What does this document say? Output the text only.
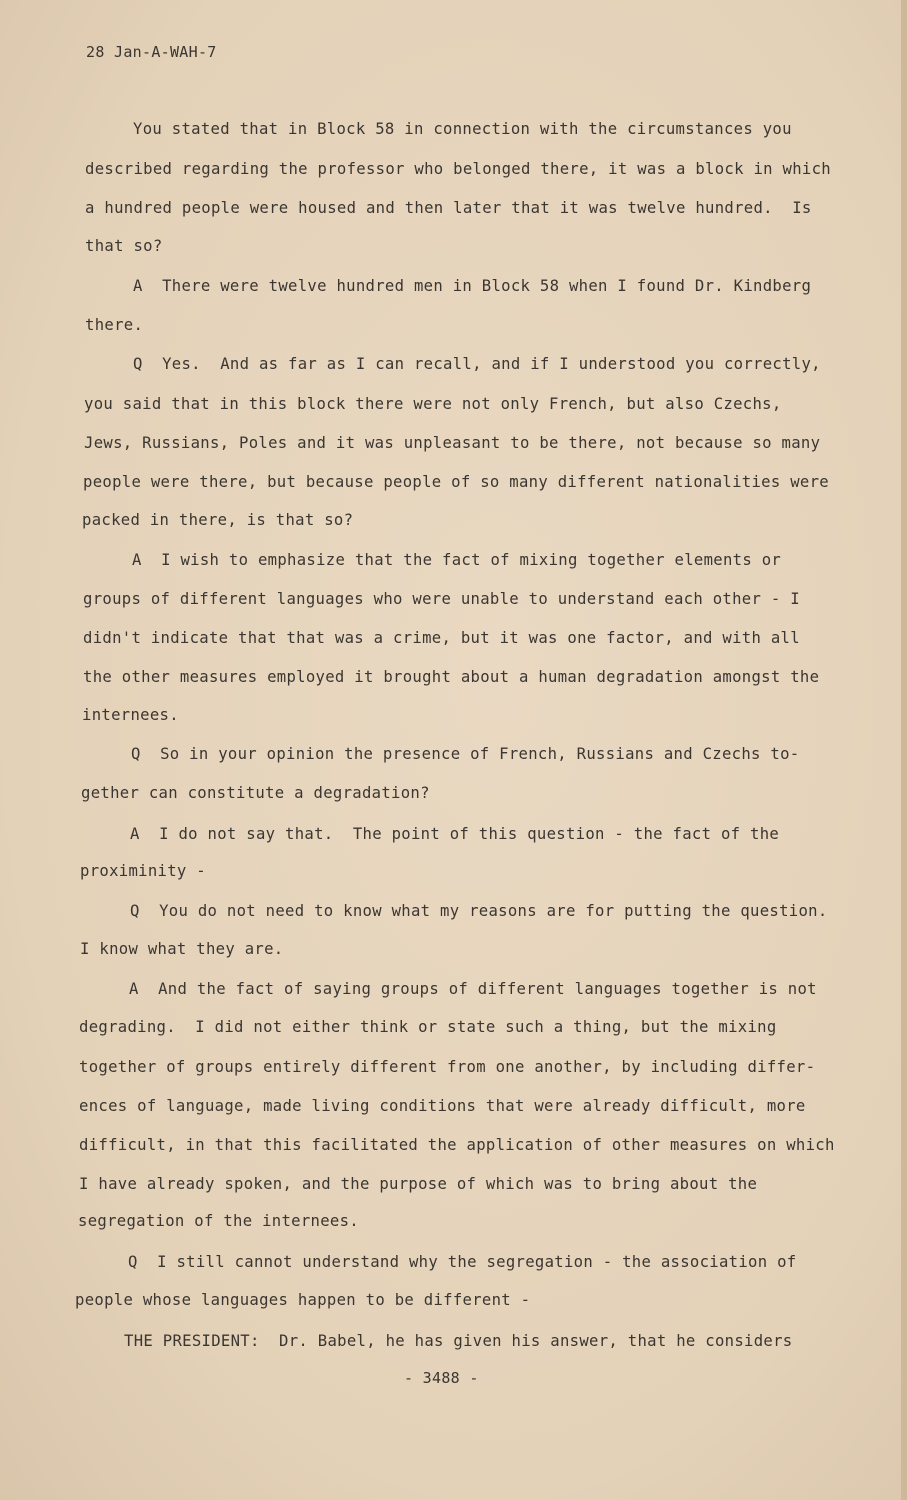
28 Jan-A-WAH-7
You stated that in Block 58 in connection with the circumstances you
described regarding the professor who belonged there, it was a block in which
a hundred people were housed and then later that it was twelve hundred.  Is
that so?
A  There were twelve hundred men in Block 58 when I found Dr. Kindberg
there.
Q  Yes.  And as far as I can recall, and if I understood you correctly,
you said that in this block there were not only French, but also Czechs,
Jews, Russians, Poles and it was unpleasant to be there, not because so many
people were there, but because people of so many different nationalities were
packed in there, is that so?
A  I wish to emphasize that the fact of mixing together elements or
groups of different languages who were unable to understand each other - I
didn't indicate that that was a crime, but it was one factor, and with all
the other measures employed it brought about a human degradation amongst the
internees.
Q  So in your opinion the presence of French, Russians and Czechs to-
gether can constitute a degradation?
A  I do not say that.  The point of this question - the fact of the
proximinity -
Q  You do not need to know what my reasons are for putting the question.
I know what they are.
A  And the fact of saying groups of different languages together is not
degrading.  I did not either think or state such a thing, but the mixing
together of groups entirely different from one another, by including differ-
ences of language, made living conditions that were already difficult, more
difficult, in that this facilitated the application of other measures on which
I have already spoken, and the purpose of which was to bring about the
segregation of the internees.
Q  I still cannot understand why the segregation - the association of
people whose languages happen to be different -
THE PRESIDENT:  Dr. Babel, he has given his answer, that he considers
- 3488 -
